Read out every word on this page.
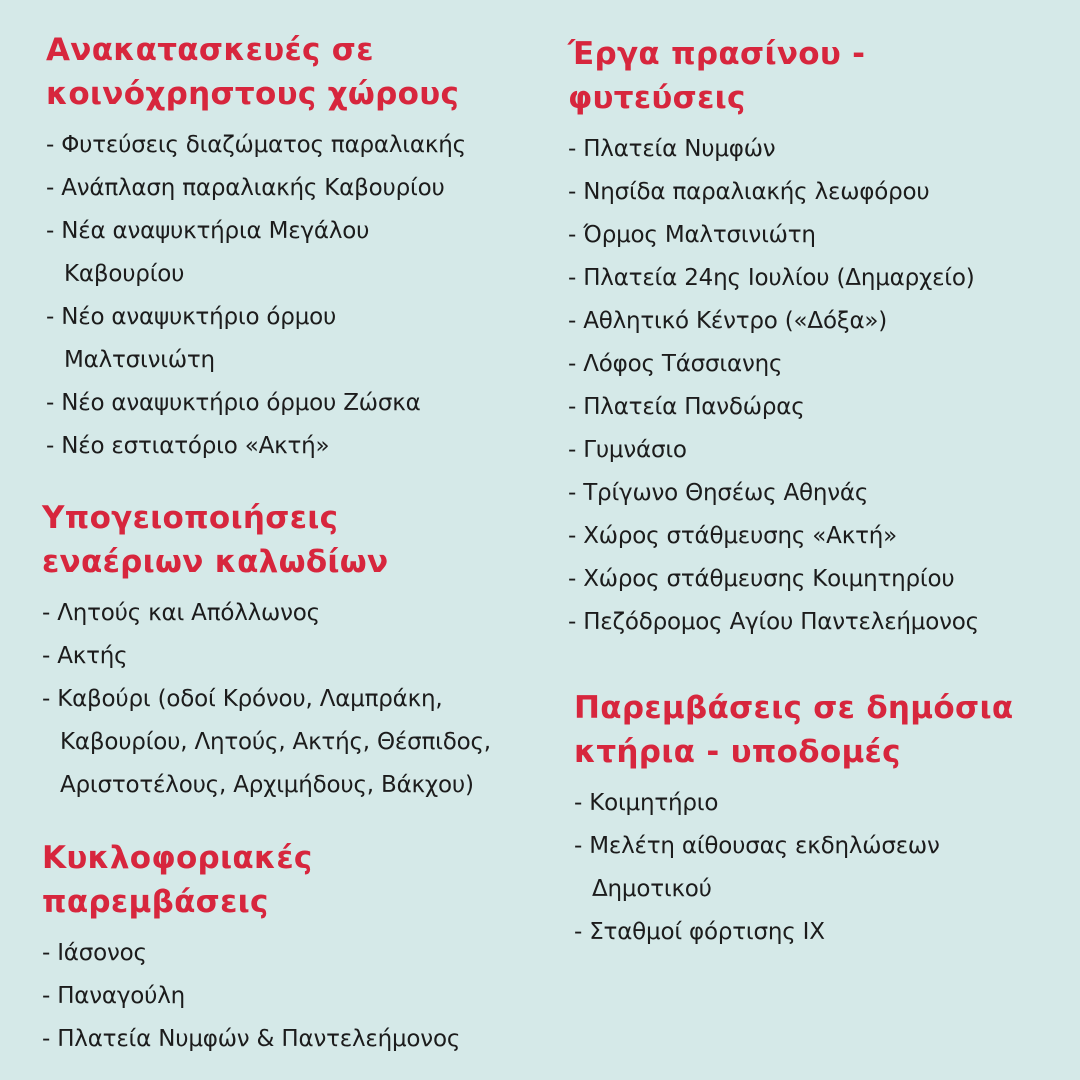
Ανακατασκευές σε κοινόχρηστους χώρους
- Φυτεύσεις διαζώματος παραλιακής
- Ανάπλαση παραλιακής Καβουρίου
- Νέα αναψυκτήρια Μεγάλου Καβουρίου
- Νέο αναψυκτήριο όρμου Μαλτσινιώτη
- Νέο αναψυκτήριο όρμου Ζώσκα
- Νέο εστιατόριο «Ακτή»
Υπογειοποιήσεις εναέριων καλωδίων
- Λητούς και Απόλλωνος
- Ακτής
- Καβούρι (οδοί Κρόνου, Λαμπράκη, Καβουρίου, Λητούς, Ακτής, Θέσπιδος, Αριστοτέλους, Αρχιμήδους, Βάκχου)
Κυκλοφοριακές παρεμβάσεις
- Ιάσονος
- Παναγούλη
- Πλατεία Νυμφών & Παντελεήμονος
Έργα πρασίνου - φυτεύσεις
- Πλατεία Νυμφών
- Νησίδα παραλιακής λεωφόρου
- Όρμος Μαλτσινιώτη
- Πλατεία 24ης Ιουλίου (Δημαρχείο)
- Αθλητικό Κέντρο («Δόξα»)
- Λόφος Τάσσιανης
- Πλατεία Πανδώρας
- Γυμνάσιο
- Τρίγωνο Θησέως Αθηνάς
- Χώρος στάθμευσης «Ακτή»
- Χώρος στάθμευσης Κοιμητηρίου
- Πεζόδρομος Αγίου Παντελεήμονος
Παρεμβάσεις σε δημόσια κτήρια - υποδομές
- Κοιμητήριο
- Μελέτη αίθουσας εκδηλώσεων Δημοτικού
- Σταθμοί φόρτισης ΙΧ
